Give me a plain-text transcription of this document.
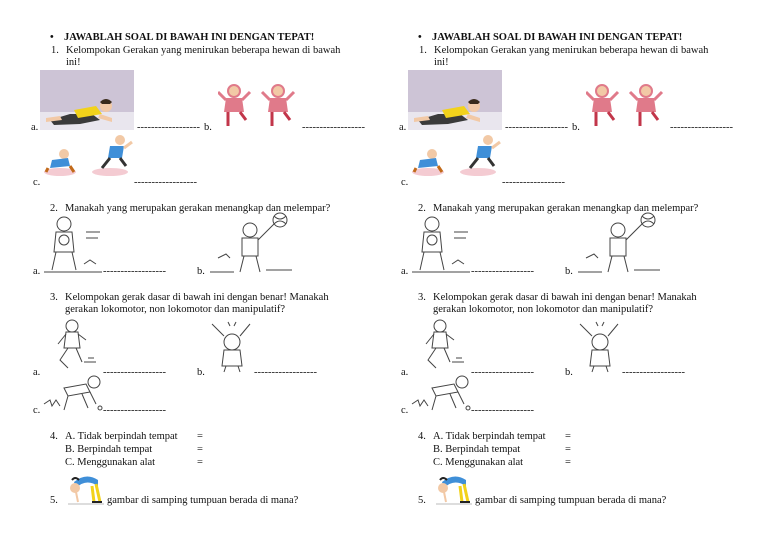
• JAWABLAH SOAL DI BAWAH INI DENGAN TEPAT!
1. Kelompokan Gerakan yang menirukan beberapa hewan di bawah
ini!
a.	------------------ b.	------------------
c.	------------------
2. Manakah yang merupakan gerakan menangkap dan melempar?
a.	------------------	b.
3. Kelompokan gerak dasar di bawah ini dengan benar! Manakah
gerakan lokomotor, non lokomotor dan manipulatif?
a.	------------------	b.	------------------
c.	------------------
4. A. Tidak berpindah tempat =
B. Berpindah tempat	=
C. Menggunakan alat	=
5.	gambar di samping tumpuan berada di mana?
• JAWABLAH SOAL DI BAWAH INI DENGAN TEPAT!
1. Kelompokan Gerakan yang menirukan beberapa hewan di bawah
ini!
a.	------------------ b.	------------------
c.	------------------
2. Manakah yang merupakan gerakan menangkap dan melempar?
a.	------------------	b.
3. Kelompokan gerak dasar di bawah ini dengan benar! Manakah
gerakan lokomotor, non lokomotor dan manipulatif?
a.	------------------	b.	------------------
c.	------------------
4. A. Tidak berpindah tempat =
B. Berpindah tempat	=
C. Menggunakan alat	=
5.	gambar di samping tumpuan berada di mana?
